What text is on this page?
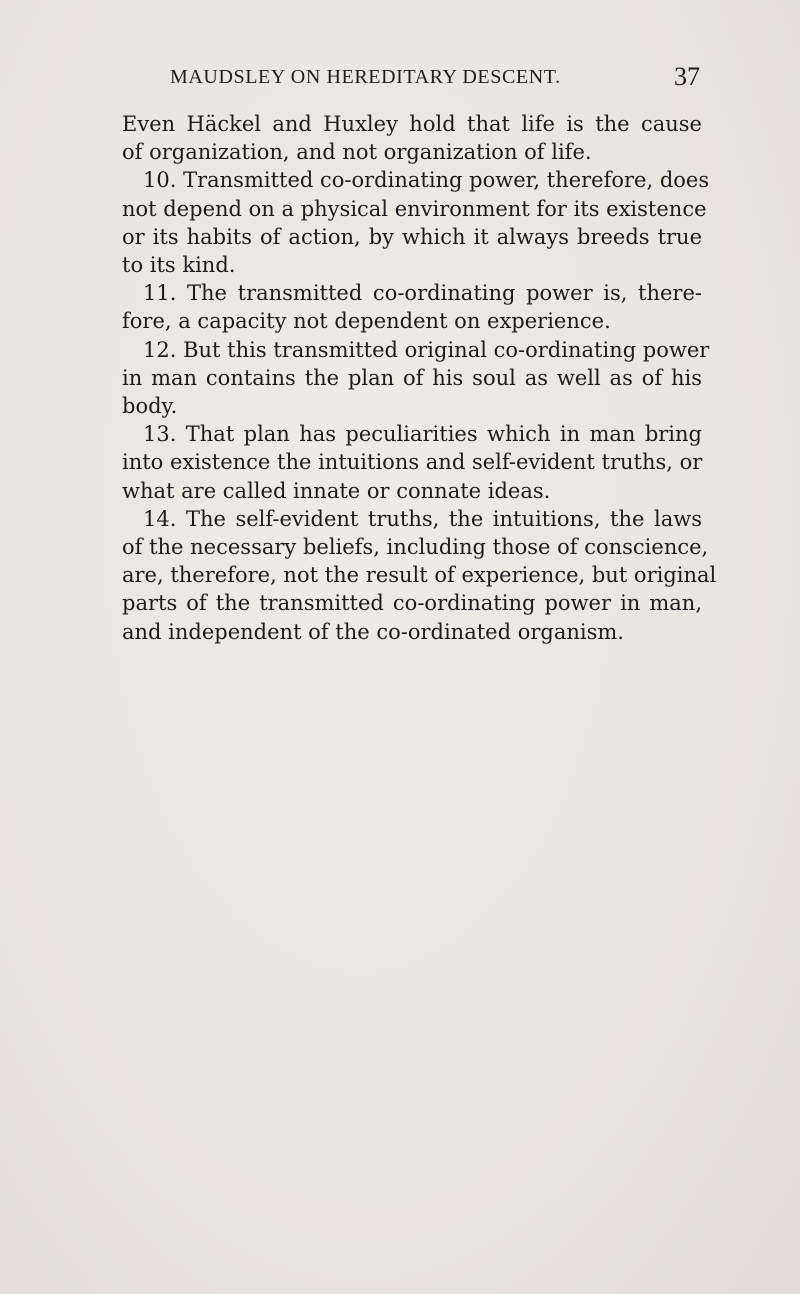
MAUDSLEY ON HEREDITARY DESCENT.	37
Even Häckel and Huxley hold that life is the cause
of organization, and not organization of life.
10. Transmitted co-ordinating power, therefore, does
not depend on a physical environment for its existence
or its habits of action, by which it always breeds true
to its kind.
11. The transmitted co-ordinating power is, there-
fore, a capacity not dependent on experience.
12. But this transmitted original co-ordinating power
in man contains the plan of his soul as well as of his
body.
13. That plan has peculiarities which in man bring
into existence the intuitions and self-evident truths, or
what are called innate or connate ideas.
14. The self-evident truths, the intuitions, the laws
of the necessary beliefs, including those of conscience,
are, therefore, not the result of experience, but original
parts of the transmitted co-ordinating power in man,
and independent of the co-ordinated organism.
